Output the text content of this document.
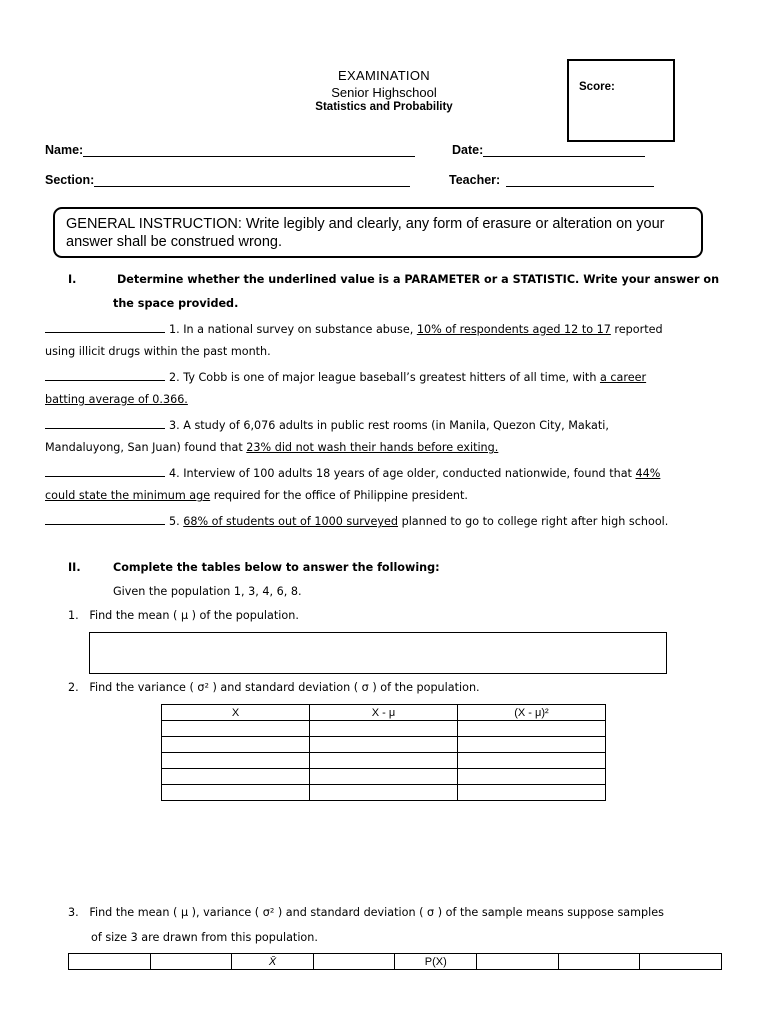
EXAMINATION
Senior Highschool
Statistics and Probability
Score:
Name:	Date:
Section:	Teacher:
GENERAL INSTRUCTION: Write legibly and clearly, any form of erasure or alteration on your answer shall be construed wrong.
I.	Determine whether the underlined value is a PARAMETER or a STATISTIC. Write your answer on
the space provided.
1. In a national survey on substance abuse, 10% of respondents aged 12 to 17 reported
using illicit drugs within the past month.
2. Ty Cobb is one of major league baseball’s greatest hitters of all time, with a career
batting average of 0.366.
3. A study of 6,076 adults in public rest rooms (in Manila, Quezon City, Makati,
Mandaluyong, San Juan) found that 23% did not wash their hands before exiting.
4. Interview of 100 adults 18 years of age older, conducted nationwide, found that 44%
could state the minimum age required for the office of Philippine president.
5. 68% of students out of 1000 surveyed planned to go to college right after high school.
II.	Complete the tables below to answer the following:
Given the population 1, 3, 4, 6, 8.
1.   Find the mean ( μ ) of the population.
2.   Find the variance ( σ² ) and standard deviation ( σ ) of the population.
X	X - μ	(X - μ)²

3.   Find the mean ( μ ), variance ( σ² ) and standard deviation ( σ ) of the sample means suppose samples
of size 3 are drawn from this population.
		X̄		P(X)			
